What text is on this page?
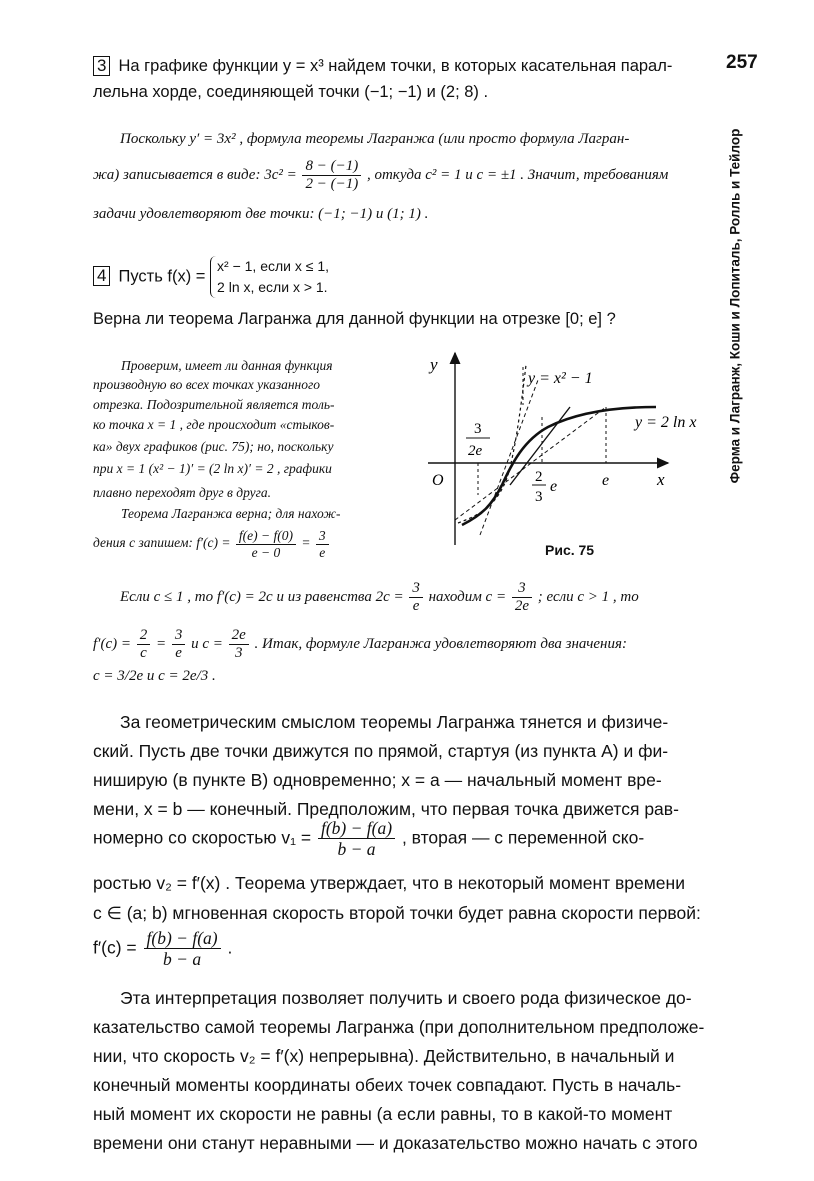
257
Ферма и Лагранж, Коши и Лопиталь, Ролль и Тейлор
3 На графике функции y = x³ найдем точки, в которых касательная парал-
лельна хорде, соединяющей точки (−1; −1) и (2; 8) .
Поскольку y′ = 3x² , формула теоремы Лагранжа (или просто формула Лагран-
жа) записывается в виде: $3c^2 = \frac{8 - (-1)}{2 - (-1)}$ , откуда c² = 1 и c = ±1 . Значит, требованиям
задачи удовлетворяют две точки: (−1; −1) и (1; 1) .
4 Пусть f(x) =
x² − 1, если x ≤ 1,
2 ln x, если x > 1.
Верна ли теорема Лагранжа для данной функции на отрезке [0; e] ?
Проверим, имеет ли данная функция
производную во всех точках указанного
отрезка. Подозрительной является толь-
ко точка x = 1 , где происходит «стыков-
ка» двух графиков (рис. 75); но, поскольку
при x = 1 (x² − 1)′ = (2 ln x)′ = 2 , графики
плавно переходят друг в друга.
Теорема Лагранжа верна; для нахож-
дения c запишем: $f'(c) = \frac{f(e) - f(0)}{e - 0} = \frac{3}{e}$
y
x
O
y = x² − 1
y = 2 ln x
3
2e
2
3
e	e
Рис. 75
Если c ≤ 1 , то f′(c) = 2c и из равенства $2c = \frac{3}{e}$ находим $c = \frac{3}{2e}$ ; если c > 1 , то
$f'(c) = \frac{2}{c} = \frac{3}{e}$ и $c = \frac{2e}{3}$ . Итак, формуле Лагранжа удовлетворяют два значения:
c = 3/2e и c = 2e/3 .
За геометрическим смыслом теоремы Лагранжа тянется и физиче-
ский. Пусть две точки движутся по прямой, стартуя (из пункта A) и фи-
ниширую (в пункте B) одновременно; x = a — начальный момент вре-
мени, x = b — конечный. Предположим, что первая точка движется рав-
номерно со скоростью $v_1 = \frac{f(b) - f(a)}{b - a}$ , вторая — с переменной ско-
ростью v₂ = f′(x) . Теорема утверждает, что в некоторый момент времени
c ∈ (a; b) мгновенная скорость второй точки будет равна скорости первой:
$f'(c) = \frac{f(b) - f(a)}{b - a}$ .
Эта интерпретация позволяет получить и своего рода физическое до-
казательство самой теоремы Лагранжа (при дополнительном предположе-
нии, что скорость v₂ = f′(x) непрерывна). Действительно, в начальный и
конечный моменты координаты обеих точек совпадают. Пусть в началь-
ный момент их скорости не равны (а если равны, то в какой-то момент
времени они станут неравными — и доказательство можно начать с этого
